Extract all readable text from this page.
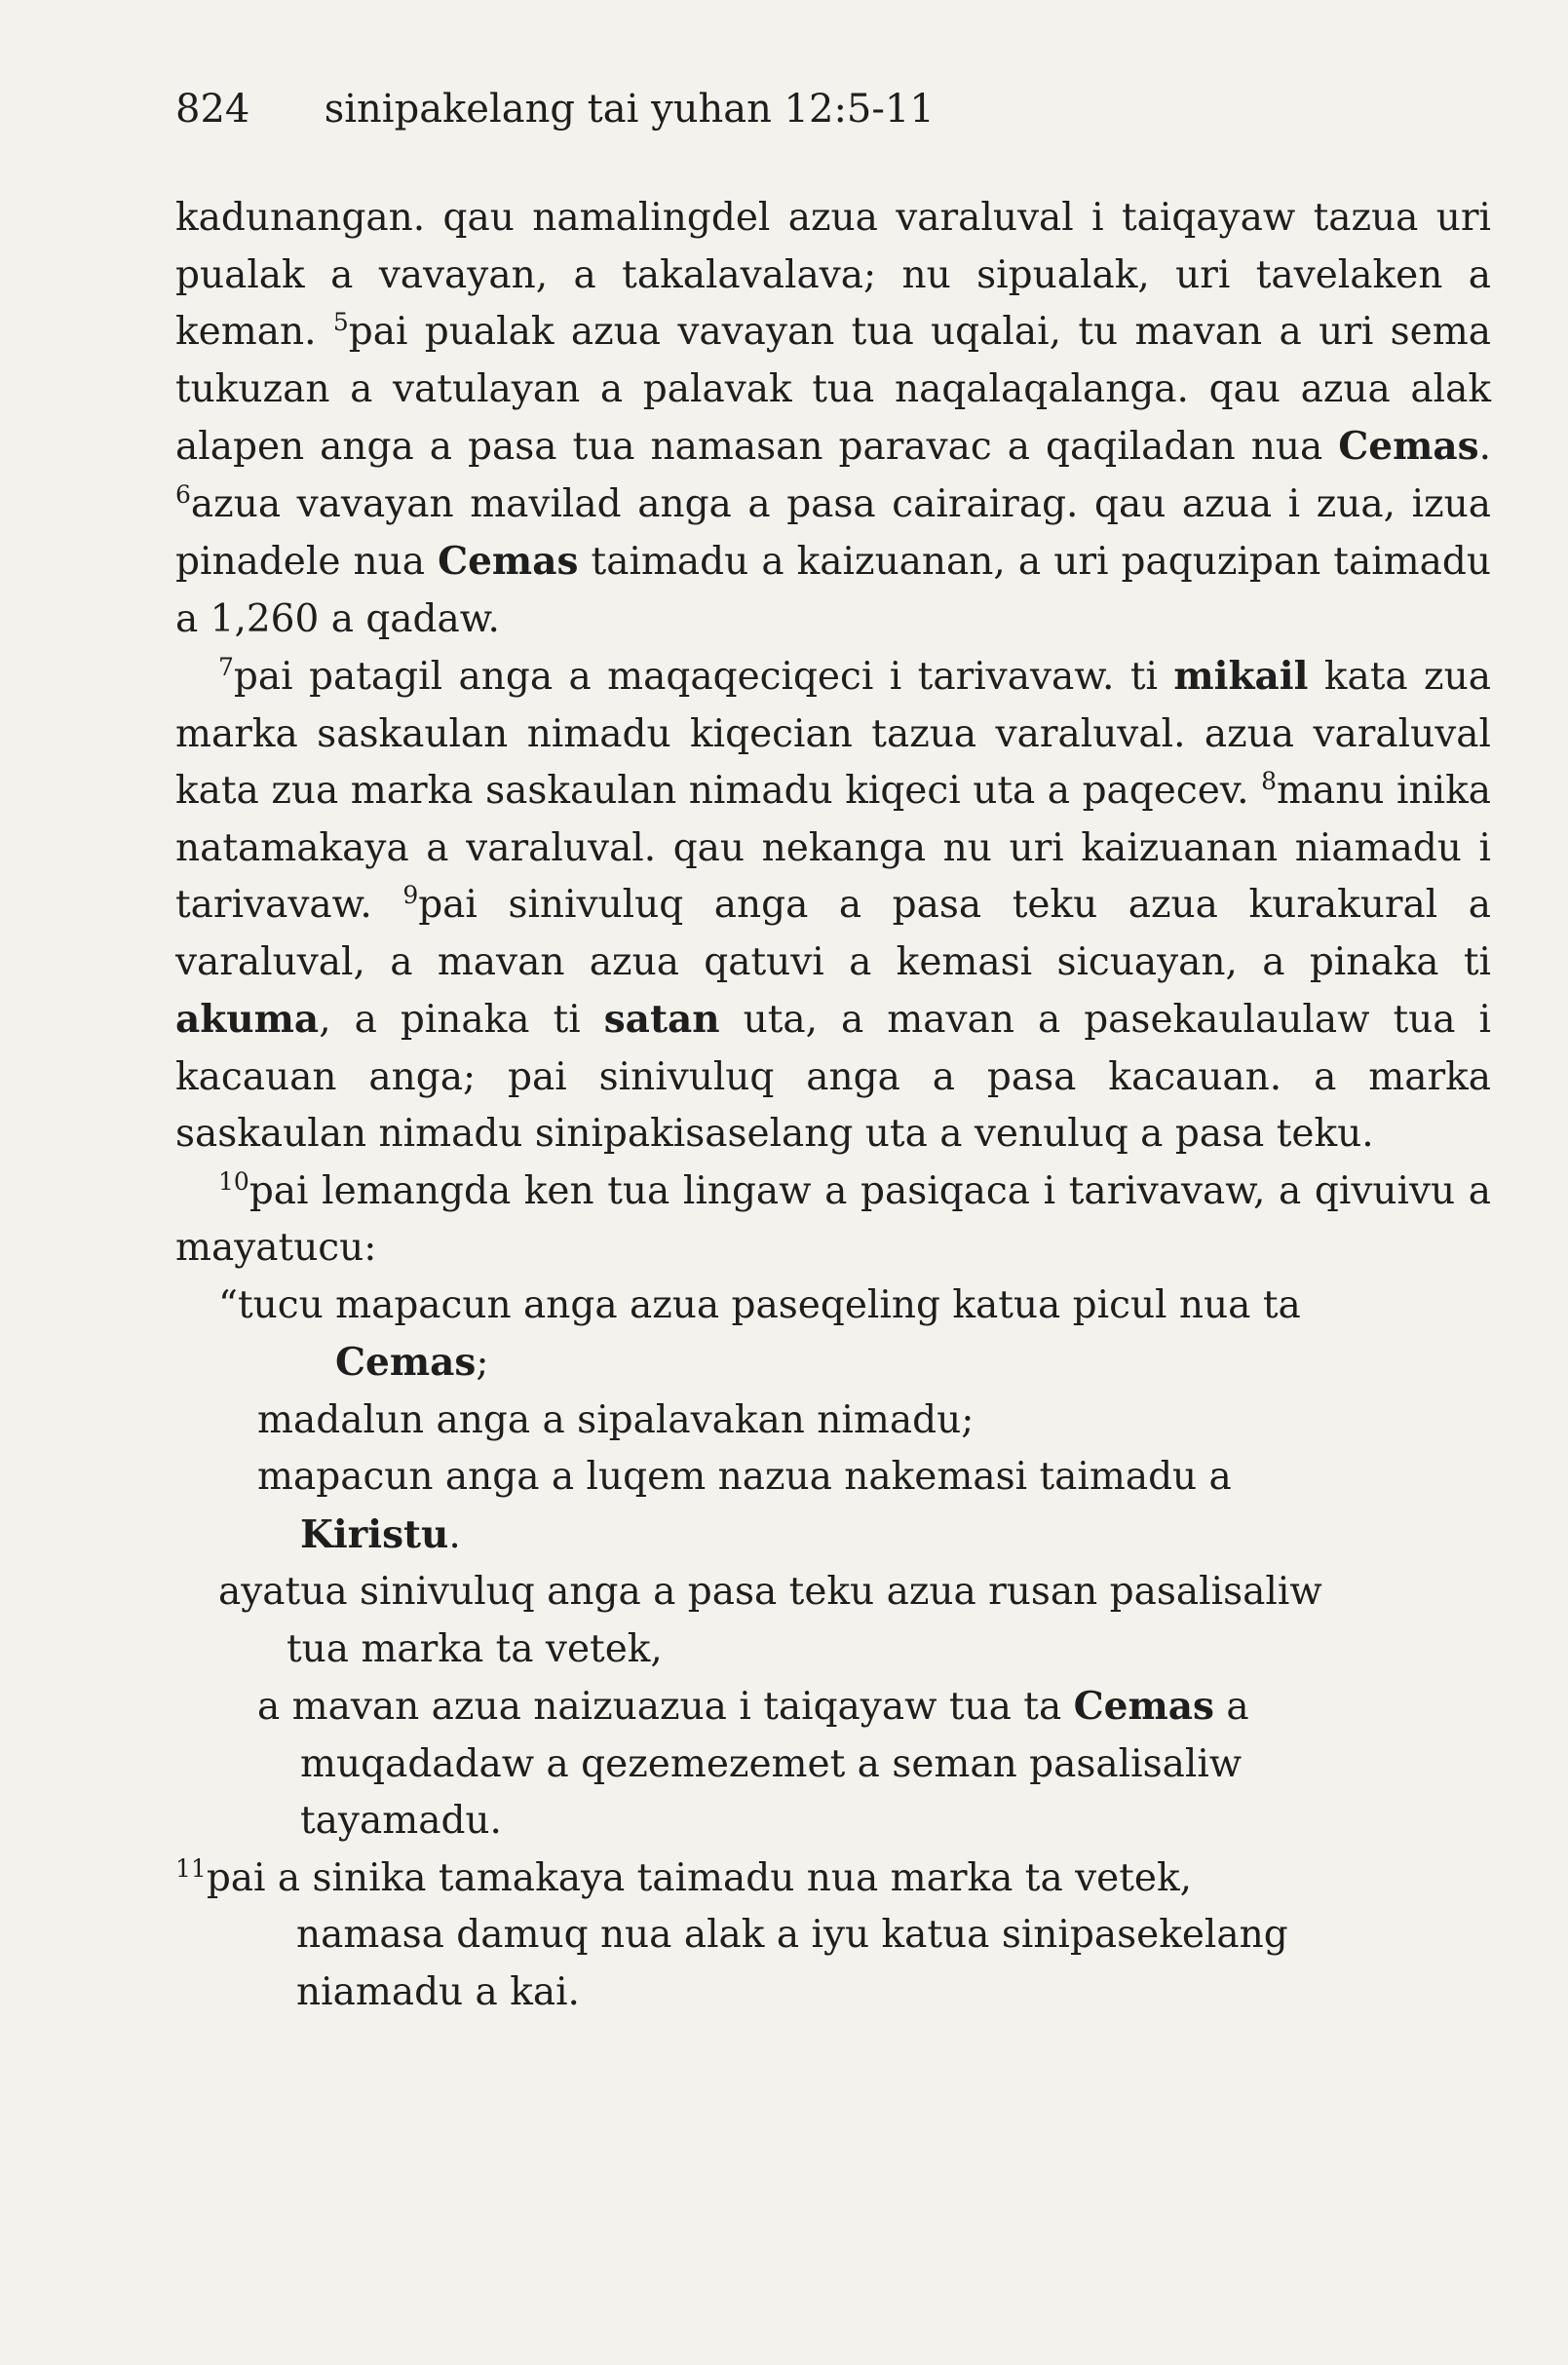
824 sinipakelang tai yuhan 12:5-11

kadunangan. qau namalingdel azua varaluval i taiqayaw tazua uri pualak a vavayan, a takalavalava; nu sipualak, uri tavelaken a keman. $^5$pai pualak azua vavayan tua uqalai, tu mavan a uri sema tukuzan a vatulayan a palavak tua naqalaqalanga. qau azua alak alapen anga a pasa tua namasan paravac a qaqiladan nua Cemas. $^6$azua vavayan mavilad anga a pasa cairairag. qau azua i zua, izua pinadele nua Cemas taimadu a kaizuanan, a uri paquzipan taimadu a 1,260 a qadaw.

$^7$pai patagil anga a maqaqeciqeci i tarivavaw. ti mikail kata zua marka saskaulan nimadu kiqecian tazua varaluval. azua varaluval kata zua marka saskaulan nimadu kiqeci uta a paqecev. $^8$manu inika natamakaya a varaluval. qau nekanga nu uri kaizuanan niamadu i tarivavaw. $^9$pai sinivuluq anga a pasa teku azua kurakural a varaluval, a mavan azua qatuvi a kemasi sicuayan, a pinaka ti akuma, a pinaka ti satan uta, a mavan a pasekaulaulaw tua i kacauan anga; pai sinivuluq anga a pasa kacauan. a marka saskaulan nimadu sinipakisaselang uta a venuluq a pasa teku.

$^{10}$pai lemangda ken tua lingaw a pasiqaca i tarivavaw, a qivuivu a mayatucu:

“tucu mapacun anga azua paseqeling katua picul nua ta
Cemas;
madalun anga a sipalavakan nimadu;
mapacun anga a luqem nazua nakemasi taimadu a
Kiristu.
ayatua sinivuluq anga a pasa teku azua rusan pasalisaliw
tua marka ta vetek,
a mavan azua naizuazua i taiqayaw tua ta Cemas a
muqadadaw a qezemezemet a seman pasalisaliw
tayamadu.
$^{11}$pai a sinika tamakaya taimadu nua marka ta vetek,
namasa damuq nua alak a iyu katua sinipasekelang
niamadu a kai.
